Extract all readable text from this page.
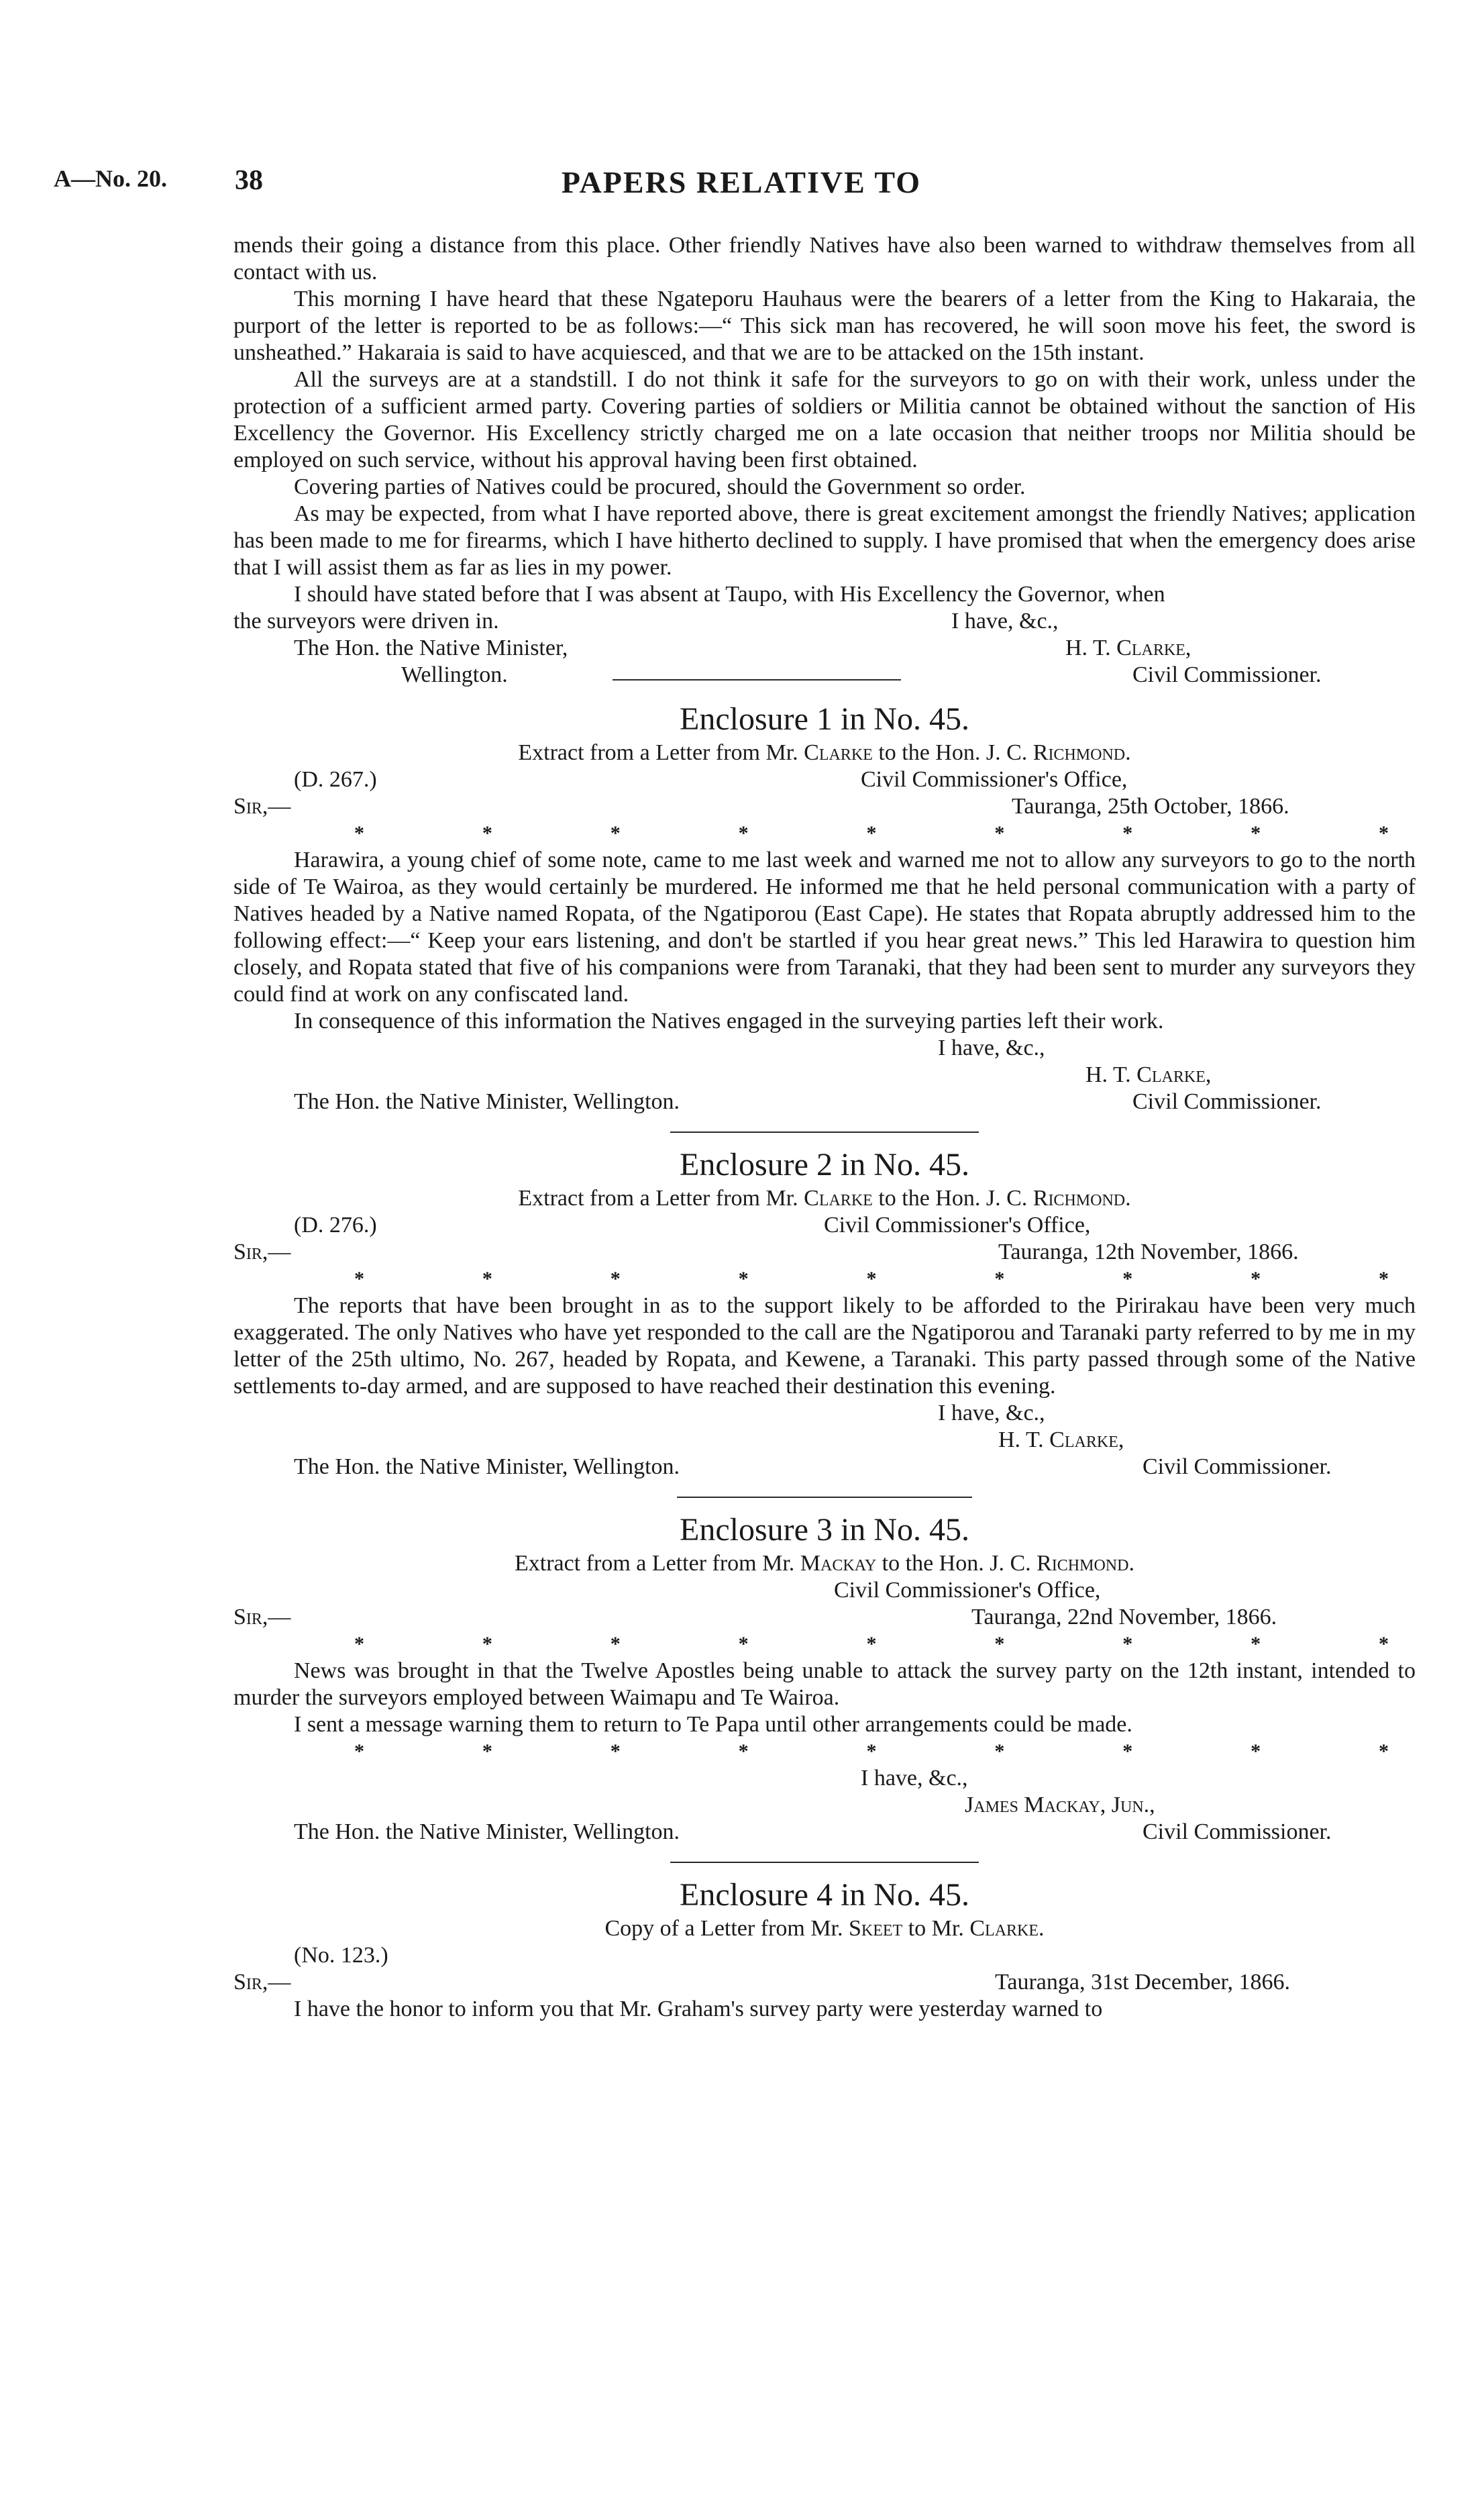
A—No. 20. 38	PAPERS RELATIVE TO

mends their going a distance from this place. Other friendly Natives have also been warned to withdraw themselves from all contact with us.

This morning I have heard that these Ngateporu Hauhaus were the bearers of a letter from the King to Hakaraia, the purport of the letter is reported to be as follows:—“ This sick man has recovered, he will soon move his feet, the sword is unsheathed.” Hakaraia is said to have acquiesced, and that we are to be attacked on the 15th instant.

All the surveys are at a standstill. I do not think it safe for the surveyors to go on with their work, unless under the protection of a sufficient armed party. Covering parties of soldiers or Militia cannot be obtained without the sanction of His Excellency the Governor. His Excellency strictly charged me on a late occasion that neither troops nor Militia should be employed on such service, without his approval having been first obtained.

Covering parties of Natives could be procured, should the Government so order.

As may be expected, from what I have reported above, there is great excitement amongst the friendly Natives; application has been made to me for firearms, which I have hitherto declined to supply. I have promised that when the emergency does arise that I will assist them as far as lies in my power.

I should have stated before that I was absent at Taupo, with His Excellency the Governor, when

the surveyors were driven in.	I have, &c.,
The Hon. the Native Minister,	H. T. Clarke,
Wellington.	Civil Commissioner.
Enclosure 1 in No. 45.
Extract from a Letter from Mr. Clarke to the Hon. J. C. Richmond.
(D. 267.)	Civil Commissioner's Office,
Sir,—	Tauranga, 25th October, 1866.
*	*	*	*	*	*	*	*	*

Harawira, a young chief of some note, came to me last week and warned me not to allow any surveyors to go to the north side of Te Wairoa, as they would certainly be murdered. He informed me that he held personal communication with a party of Natives headed by a Native named Ropata, of the Ngatiporou (East Cape). He states that Ropata abruptly addressed him to the following effect:—“ Keep your ears listening, and don't be startled if you hear great news.” This led Harawira to question him closely, and Ropata stated that five of his companions were from Taranaki, that they had been sent to murder any surveyors they could find at work on any confiscated land.

In consequence of this information the Natives engaged in the surveying parties left their work.

I have, &c.,
H. T. Clarke,
The Hon. the Native Minister, Wellington.	Civil Commissioner.
Enclosure 2 in No. 45.
Extract from a Letter from Mr. Clarke to the Hon. J. C. Richmond.
(D. 276.)	Civil Commissioner's Office,
Sir,—	Tauranga, 12th November, 1866.
*	*	*	*	*	*	*	*	*

The reports that have been brought in as to the support likely to be afforded to the Pirirakau have been very much exaggerated. The only Natives who have yet responded to the call are the Ngatiporou and Taranaki party referred to by me in my letter of the 25th ultimo, No. 267, headed by Ropata, and Kewene, a Taranaki. This party passed through some of the Native settlements to-day armed, and are supposed to have reached their destination this evening.

I have, &c.,
H. T. Clarke,
The Hon. the Native Minister, Wellington.	Civil Commissioner.
Enclosure 3 in No. 45.
Extract from a Letter from Mr. Mackay to the Hon. J. C. Richmond.
Civil Commissioner's Office,
Sir,—	Tauranga, 22nd November, 1866.
*	*	*	*	*	*	*	*	*

News was brought in that the Twelve Apostles being unable to attack the survey party on the 12th instant, intended to murder the surveyors employed between Waimapu and Te Wairoa.

I sent a message warning them to return to Te Papa until other arrangements could be made.

*	*	*	*	*	*	*	*	*
I have, &c.,
James Mackay, Jun.,
The Hon. the Native Minister, Wellington.	Civil Commissioner.
Enclosure 4 in No. 45.
Copy of a Letter from Mr. Skeet to Mr. Clarke.
(No. 123.)
Sir,—	Tauranga, 31st December, 1866.

I have the honor to inform you that Mr. Graham's survey party were yesterday warned to
